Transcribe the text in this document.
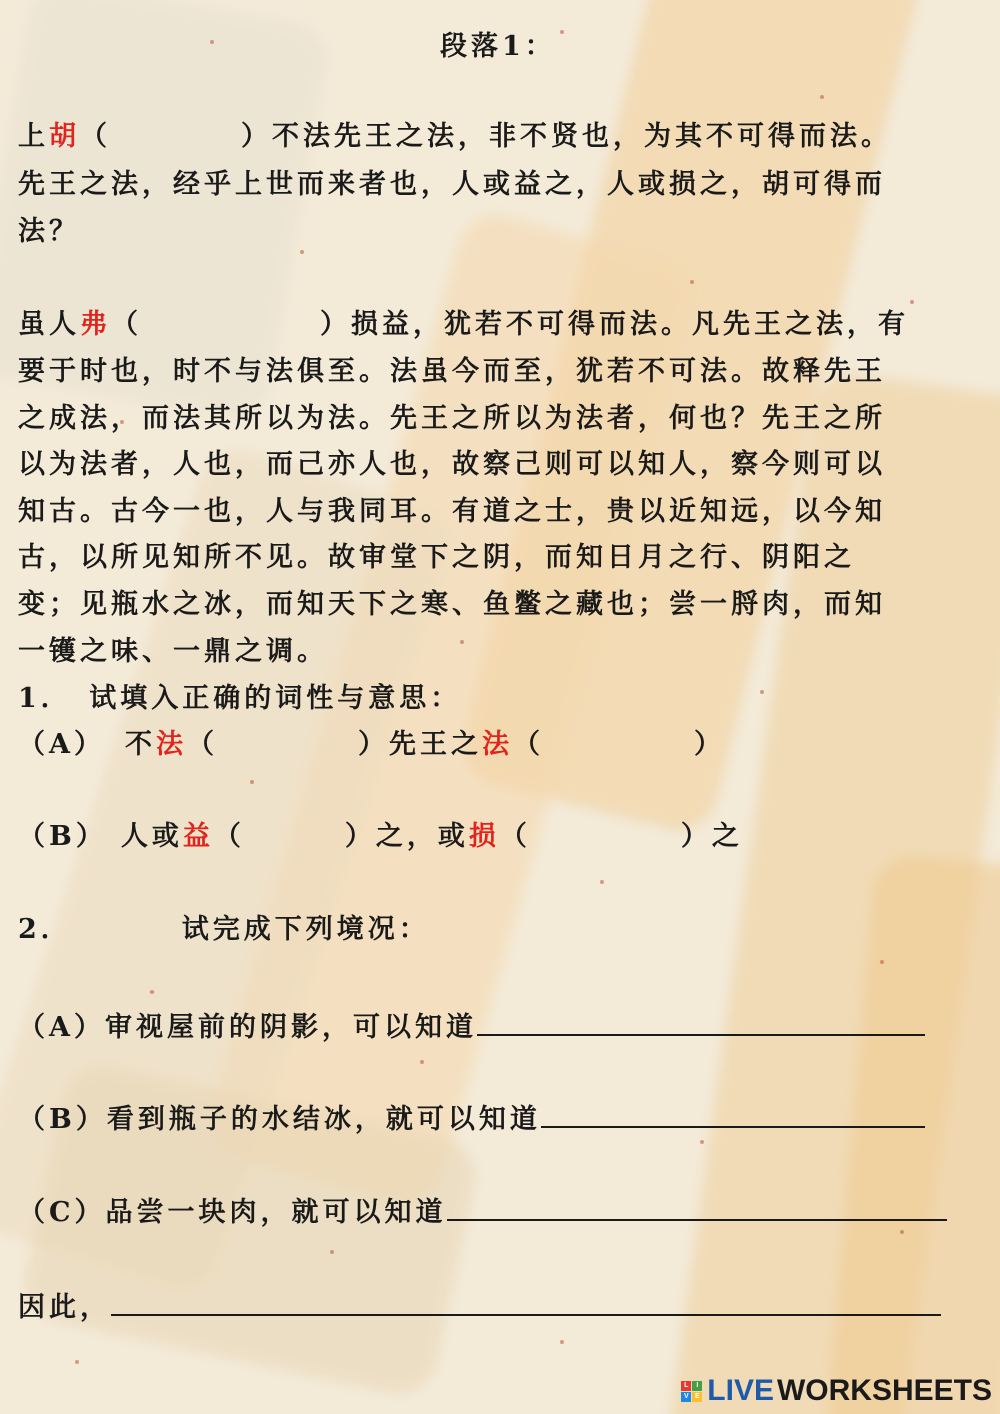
段落1：
上胡（	）不法先王之法，非不贤也，为其不可得而法。
先王之法，经乎上世而来者也，人或益之，人或损之，胡可得而
法？
虽人弗（	）损益，犹若不可得而法。凡先王之法，有
要于时也，时不与法俱至。法虽今而至，犹若不可法。故释先王
之成法，而法其所以为法。先王之所以为法者，何也？先王之所
以为法者，人也，而己亦人也，故察己则可以知人，察今则可以
知古。古今一也，人与我同耳。有道之士，贵以近知远，以今知
古，以所见知所不见。故审堂下之阴，而知日月之行、阴阳之
变；见瓶水之冰，而知天下之寒、鱼鳖之藏也；尝一脟肉，而知
一镬之味、一鼎之调。
1．　试填入正确的词性与意思：
（A） 不法（	）先王之法（	）
（B） 人或益（	）之，或损（	）之
2．	试完成下列境况：
（A）审视屋前的阴影，可以知道
（B）看到瓶子的水结冰，就可以知道
（C）品尝一块肉，就可以知道
因此，
L	I
V E LIVE WORKSHEETS
